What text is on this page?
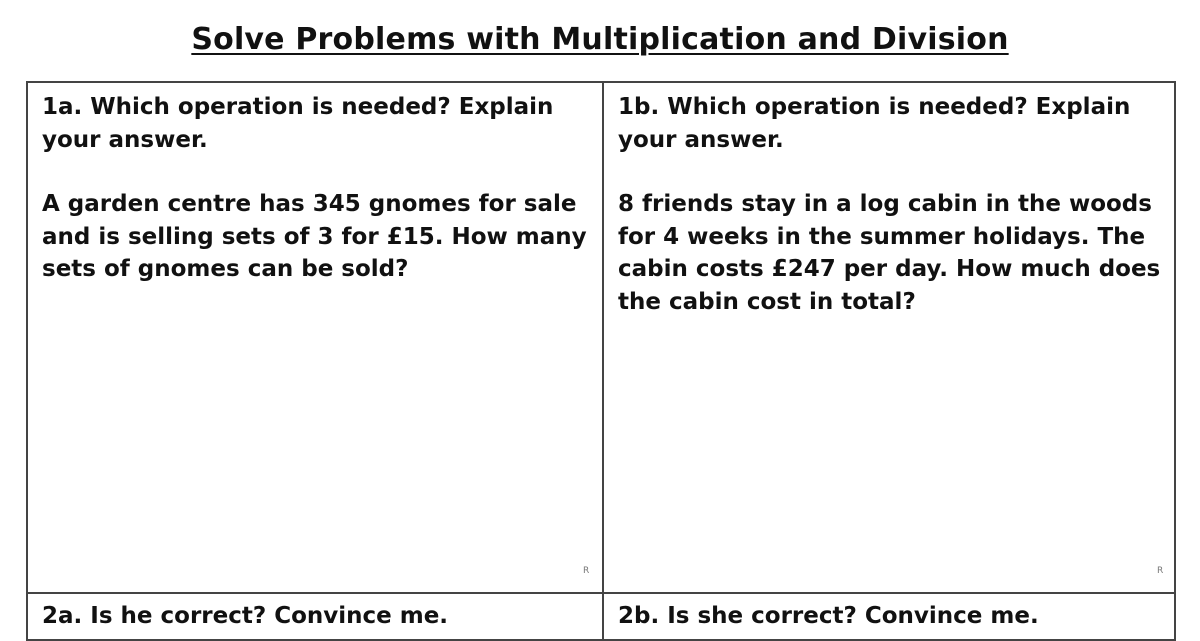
Solve Problems with Multiplication and Division

1a. Which operation is needed? Explain your answer.

A garden centre has 345 gnomes for sale and is selling sets of 3 for £15. How many sets of gnomes can be sold?

R

1b. Which operation is needed? Explain your answer.

8 friends stay in a log cabin in the woods for 4 weeks in the summer holidays. The cabin costs £247 per day. How much does the cabin cost in total?

R

2a. Is he correct? Convince me.	2b. Is she correct? Convince me.
